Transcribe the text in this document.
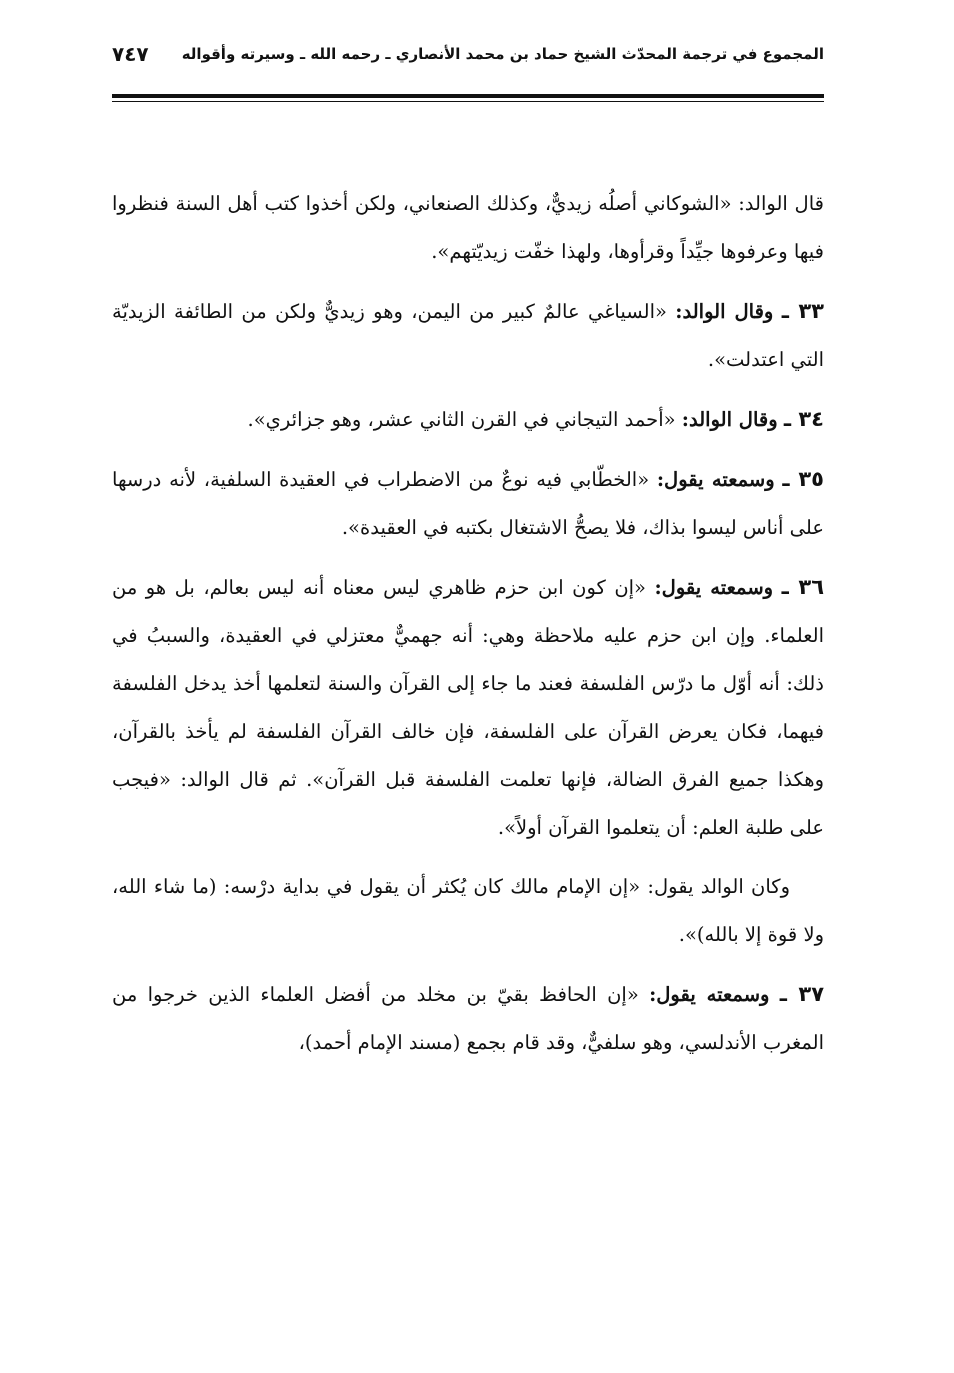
المجموع في ترجمة المحدّث الشيخ حماد بن محمد الأنصاري ـ رحمه الله ـ وسيرته وأقواله
٧٤٧

قال الوالد: «الشوكاني أصلُه زيديٌّ، وكذلك الصنعاني، ولكن أخذوا كتب أهل السنة فنظروا فيها وعرفوها جيِّداً وقرأوها، ولهذا خفّت زيديّتهم».

٣٣ ـ وقال الوالد: «السياغي عالمٌ كبير من اليمن، وهو زيديٌّ ولكن من الطائفة الزيديّة التي اعتدلت».

٣٤ ـ وقال الوالد: «أحمد التيجاني في القرن الثاني عشر، وهو جزائري».

٣٥ ـ وسمعته يقول: «الخطّابي فيه نوعٌ من الاضطراب في العقيدة السلفية، لأنه درسها على أناس ليسوا بذاك، فلا يصحُّ الاشتغال بكتبه في العقيدة».

٣٦ ـ وسمعته يقول: «إن كون ابن حزم ظاهري ليس معناه أنه ليس بعالم، بل هو من العلماء. وإن ابن حزم عليه ملاحظة وهي: أنه جهميٌّ معتزلي في العقيدة، والسببُ في ذلك: أنه أوّل ما درّس الفلسفة فعند ما جاء إلى القرآن والسنة لتعلمها أخذ يدخل الفلسفة فيهما، فكان يعرض القرآن على الفلسفة، فإن خالف القرآن الفلسفة لم يأخذ بالقرآن، وهكذا جميع الفرق الضالة، فإنها تعلمت الفلسفة قبل القرآن». ثم قال الوالد: «فيجب على طلبة العلم: أن يتعلموا القرآن أولاً».

وكان الوالد يقول: «إن الإمام مالك كان يُكثر أن يقول في بداية درْسه: (ما شاء الله، ولا قوة إلا بالله)».

٣٧ ـ وسمعته يقول: «إن الحافظ بقيّ بن مخلد من أفضل العلماء الذين خرجوا من المغرب الأندلسي، وهو سلفيٌّ، وقد قام بجمع (مسند الإمام أحمد)،
